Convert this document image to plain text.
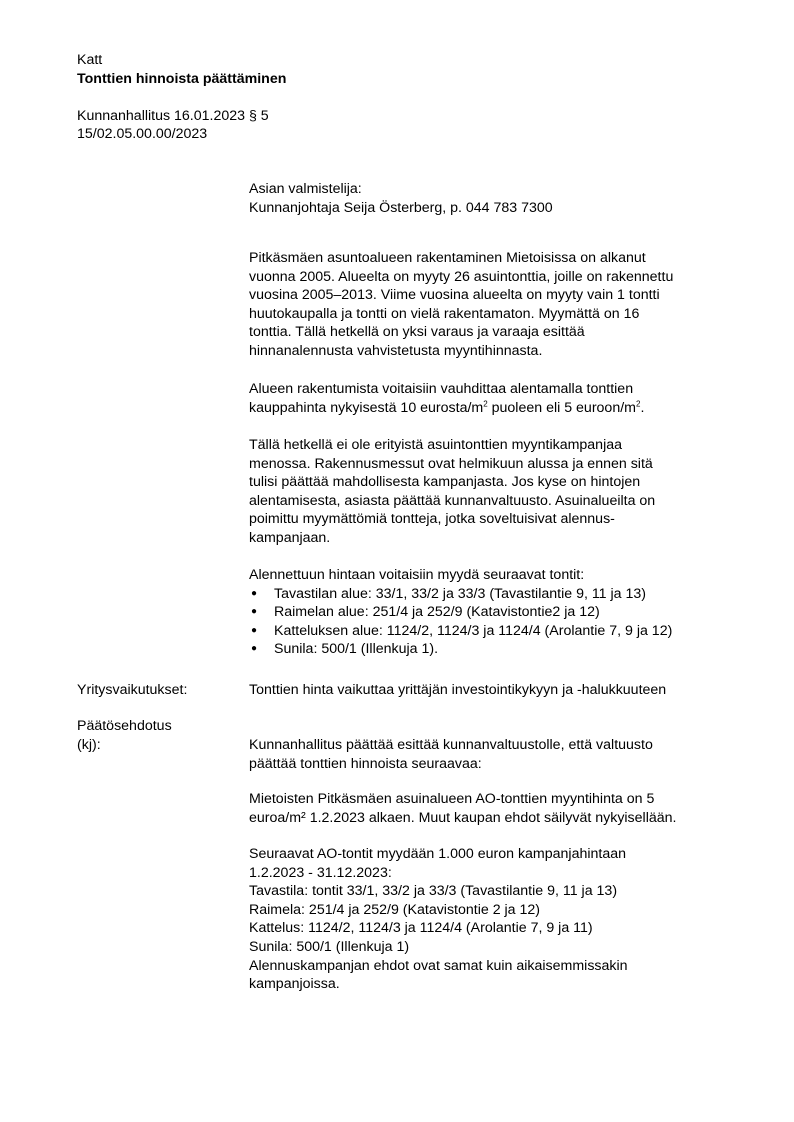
Katt
Tonttien hinnoista päättäminen
Kunnanhallitus 16.01.2023 § 5
15/02.05.00.00/2023

Asian valmistelija:

Kunnanjohtaja Seija Österberg, p. 044 783 7300

Pitkäsmäen asuntoalueen rakentaminen Mietoisissa on alkanut

vuonna 2005. Alueelta on myyty 26 asuintonttia, joille on rakennettu

vuosina 2005–2013. Viime vuosina alueelta on myyty vain 1 tontti

huutokaupalla ja tontti on vielä rakentamaton. Myymättä on 16

tonttia. Tällä hetkellä on yksi varaus ja varaaja esittää

hinnanalennusta vahvistetusta myyntihinnasta.

Alueen rakentumista voitaisiin vauhdittaa alentamalla tonttien

kauppahinta nykyisestä 10 eurosta/$m^2$ puoleen eli 5 euroon/$m^2$.

Tällä hetkellä ei ole erityistä asuintonttien myyntikampanjaa

menossa. Rakennusmessut ovat helmikuun alussa ja ennen sitä

tulisi päättää mahdollisesta kampanjasta. Jos kyse on hintojen

alentamisesta, asiasta päättää kunnanvaltuusto. Asuinalueilta on

poimittu myymättömiä tontteja, jotka soveltuisivat alennus-

kampanjaan.

Alennettuun hintaan voitaisiin myydä seuraavat tontit:

● Tavastilan alue: 33/1, 33/2 ja 33/3 (Tavastilantie 9, 11 ja 13)
● Raimelan alue: 251/4 ja 252/9 (Katavistontie2 ja 12)
● Katteluksen alue: 1124/2, 1124/3 ja 1124/4 (Arolantie 7, 9 ja 12)
● Sunila: 500/1 (Illenkuja 1).
Yritysvaikutukset:	Tonttien hinta vaikuttaa yrittäjän investointikykyyn ja -halukkuuteen
Päätösehdotus
(kj):	Kunnanhallitus päättää esittää kunnanvaltuustolle, että valtuusto

päättää tonttien hinnoista seuraavaa:

Mietoisten Pitkäsmäen asuinalueen AO-tonttien myyntihinta on 5

euroa/m² 1.2.2023 alkaen. Muut kaupan ehdot säilyvät nykyisellään.

Seuraavat AO-tontit myydään 1.000 euron kampanjahintaan

1.2.2023 - 31.12.2023:

Tavastila: tontit 33/1, 33/2 ja 33/3 (Tavastilantie 9, 11 ja 13)

Raimela: 251/4 ja 252/9 (Katavistontie 2 ja 12)

Kattelus: 1124/2, 1124/3 ja 1124/4 (Arolantie 7, 9 ja 11)

Sunila: 500/1 (Illenkuja 1)

Alennuskampanjan ehdot ovat samat kuin aikaisemmissakin

kampanjoissa.
